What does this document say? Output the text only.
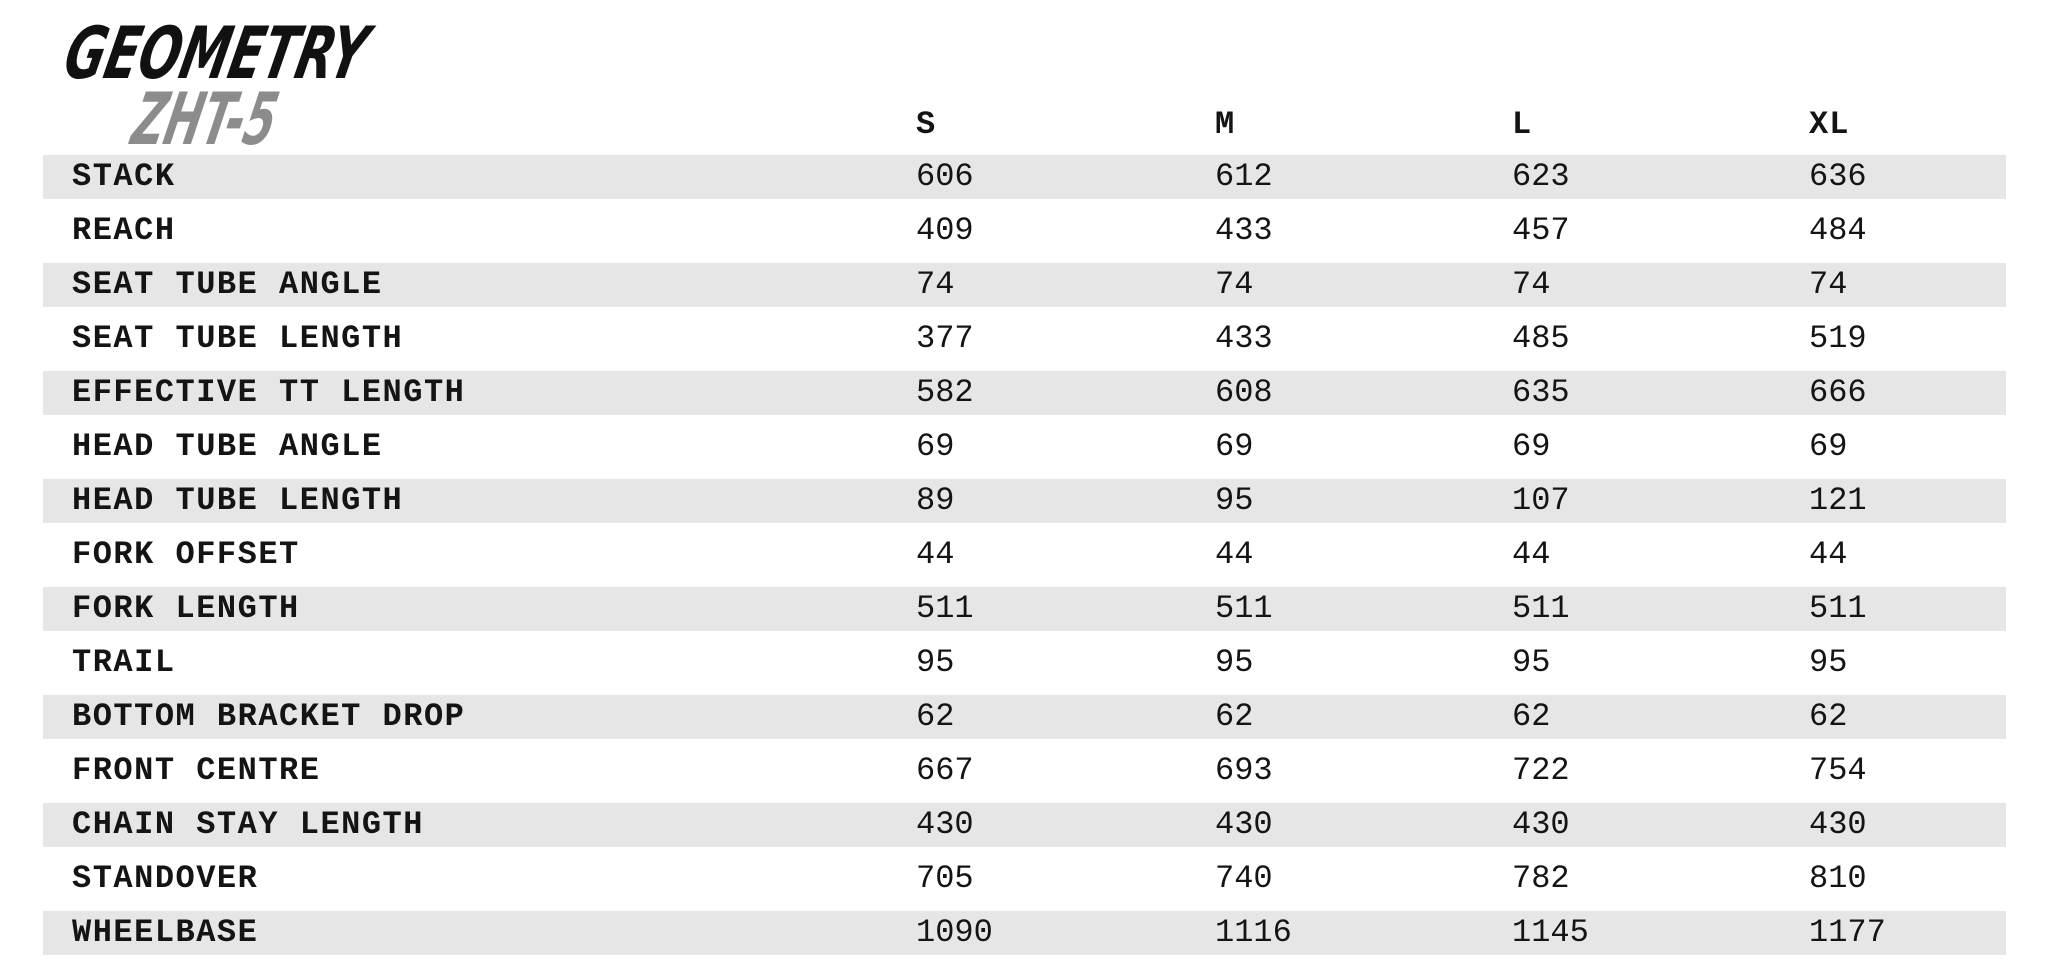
GEOMETRY
ZHT-5	S	M	L	XL
STACK	606	612	623	636
REACH	409	433	457	484
SEAT TUBE ANGLE	74	74	74	74
SEAT TUBE LENGTH	377	433	485	519
EFFECTIVE TT LENGTH	582	608	635	666
HEAD TUBE ANGLE	69	69	69	69
HEAD TUBE LENGTH	89	95	107	121
FORK OFFSET	44	44	44	44
FORK LENGTH	511	511	511	511
TRAIL	95	95	95	95
BOTTOM BRACKET DROP	62	62	62	62
FRONT CENTRE	667	693	722	754
CHAIN STAY LENGTH	430	430	430	430
STANDOVER	705	740	782	810
WHEELBASE	1090	1116	1145	1177
